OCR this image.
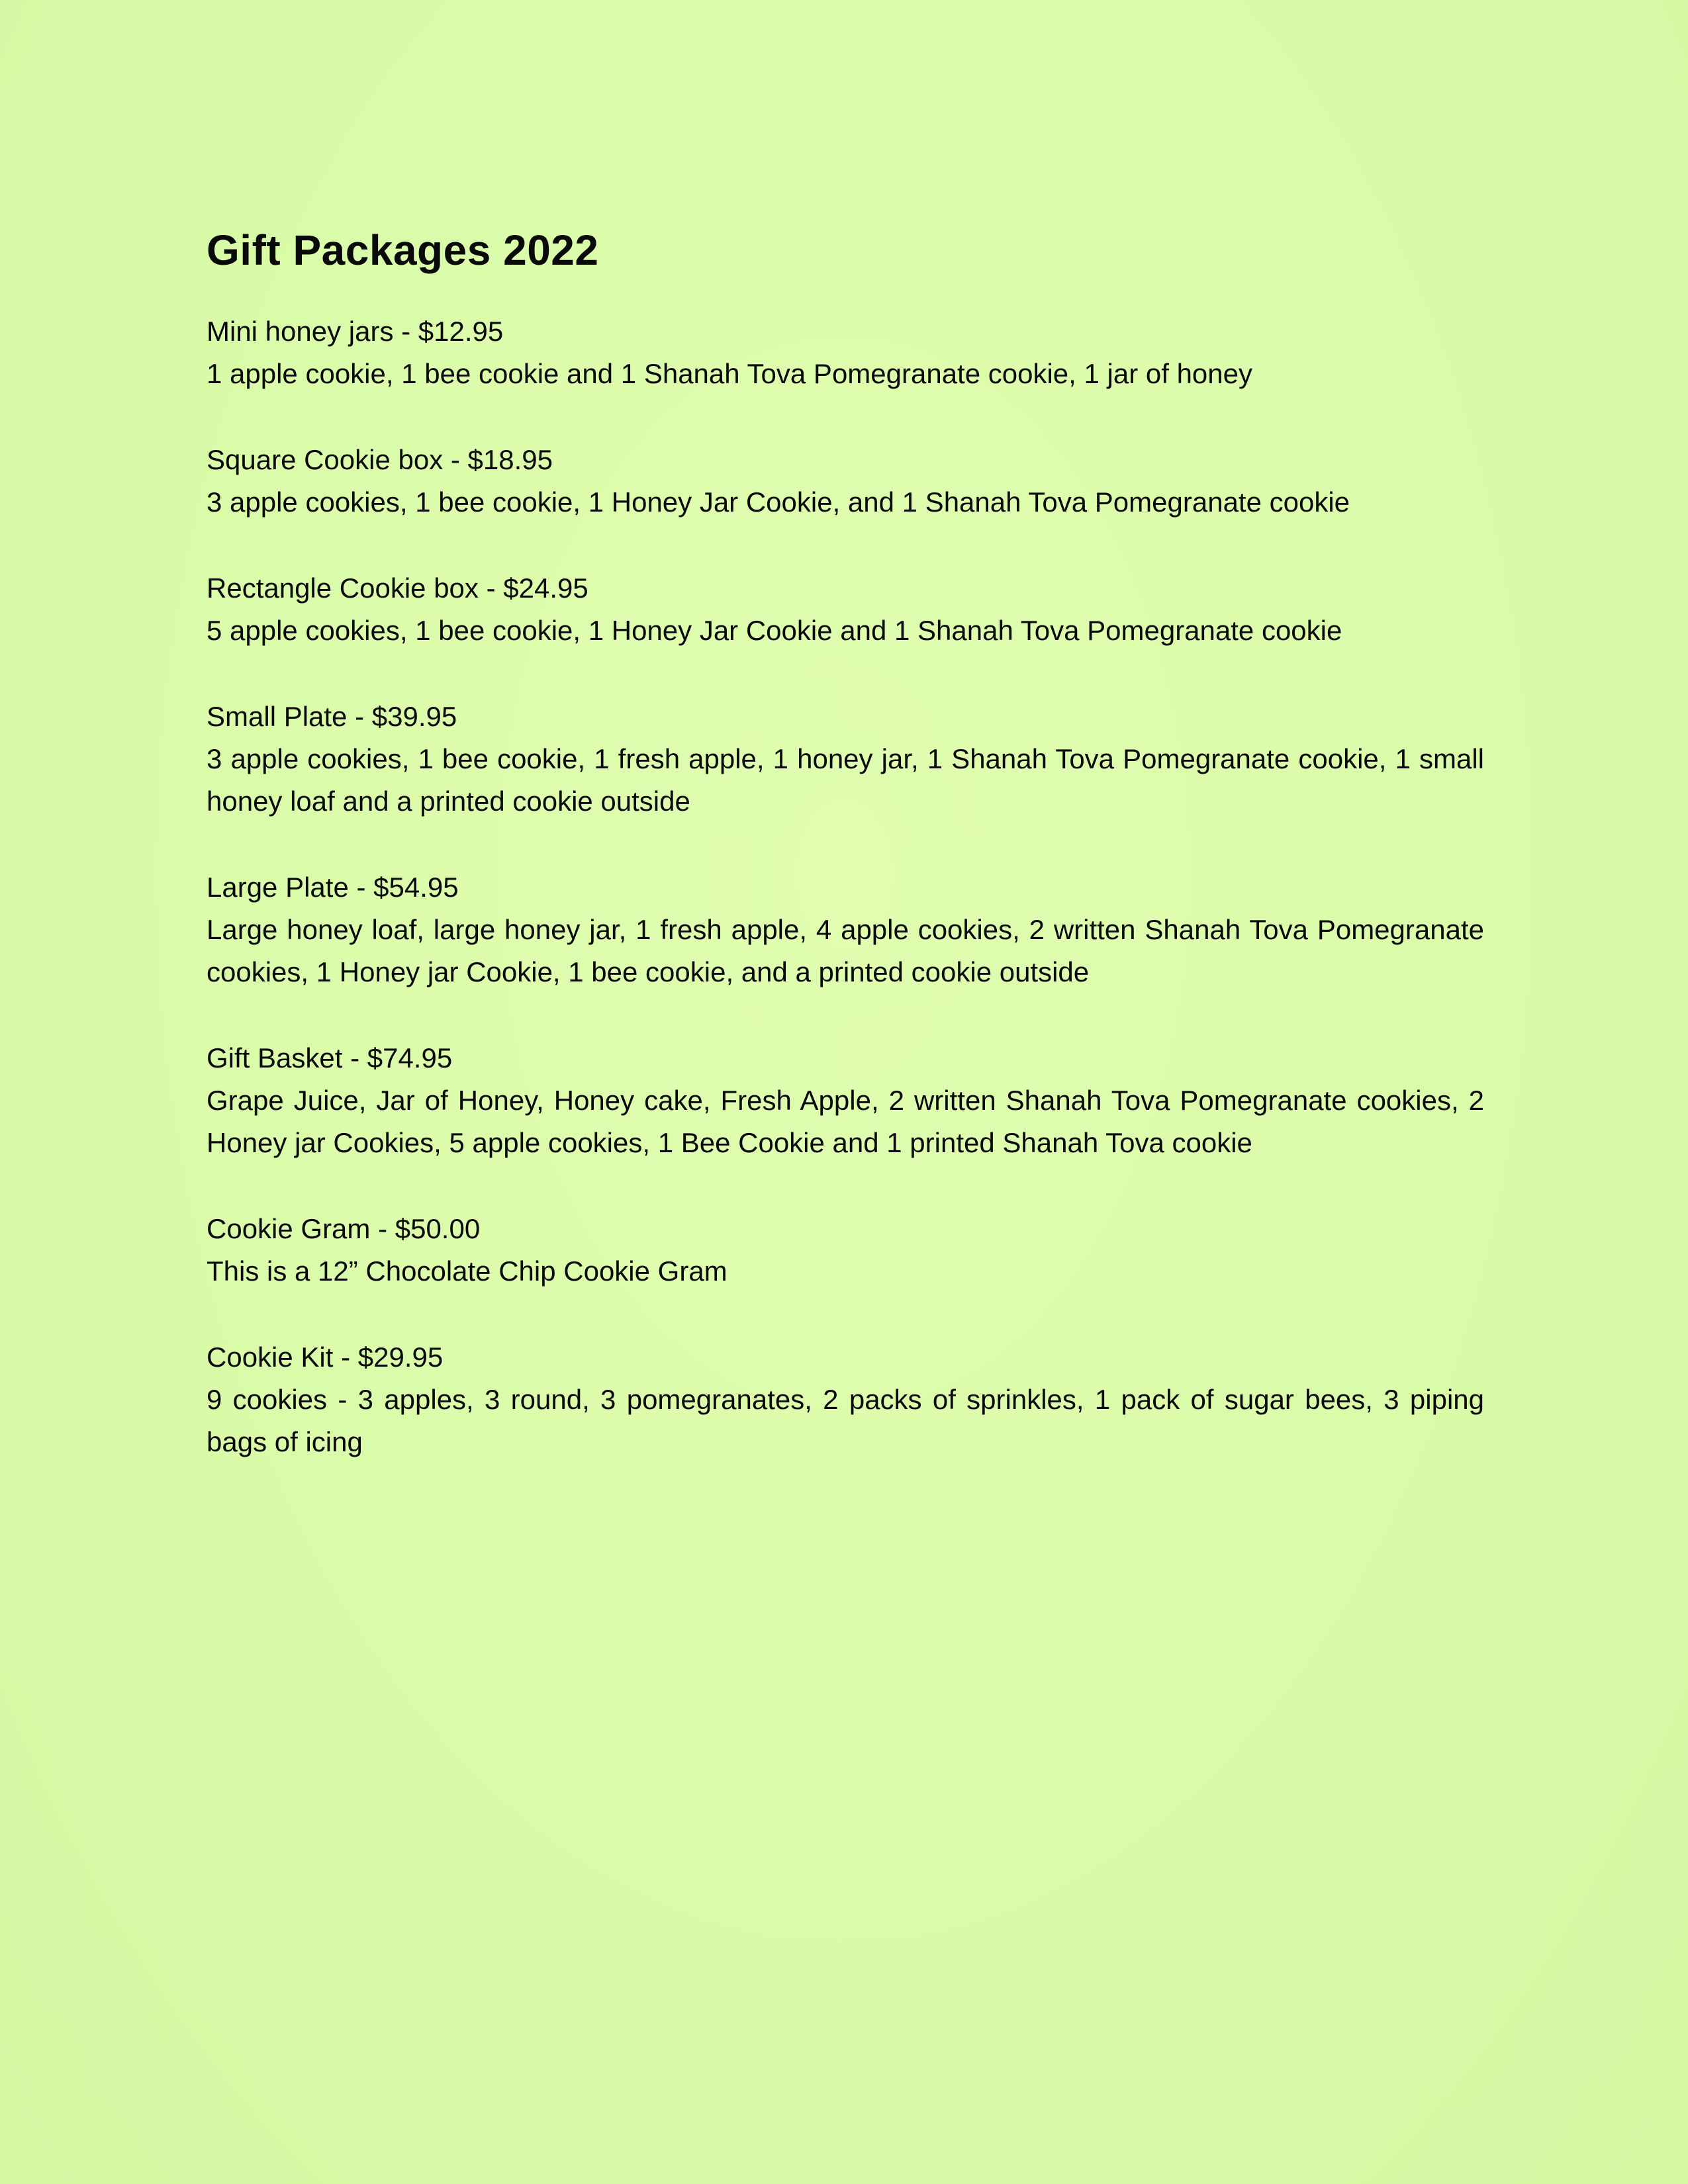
Gift Packages 2022

Mini honey jars - $12.95

1 apple cookie, 1 bee cookie and 1 Shanah Tova Pomegranate cookie, 1 jar of honey

Square Cookie box - $18.95

3 apple cookies, 1 bee cookie, 1 Honey Jar Cookie, and 1 Shanah Tova Pomegranate cookie

Rectangle Cookie box - $24.95

5 apple cookies, 1 bee cookie, 1 Honey Jar Cookie and 1 Shanah Tova Pomegranate cookie

Small Plate - $39.95

3 apple cookies, 1 bee cookie, 1 fresh apple, 1 honey jar, 1 Shanah Tova Pomegranate cookie, 1 small honey loaf and a printed cookie outside

Large Plate - $54.95

Large honey loaf, large honey jar, 1 fresh apple, 4 apple cookies, 2 written Shanah Tova Pomegranate cookies, 1 Honey jar Cookie, 1 bee cookie, and a printed cookie outside

Gift Basket - $74.95

Grape Juice, Jar of Honey, Honey cake, Fresh Apple, 2 written Shanah Tova Pomegranate cookies, 2 Honey jar Cookies, 5 apple cookies, 1 Bee Cookie and 1 printed Shanah Tova cookie

Cookie Gram - $50.00

This is a 12” Chocolate Chip Cookie Gram

Cookie Kit - $29.95

9 cookies - 3 apples, 3 round, 3 pomegranates, 2 packs of sprinkles, 1 pack of sugar bees, 3 piping bags of icing
